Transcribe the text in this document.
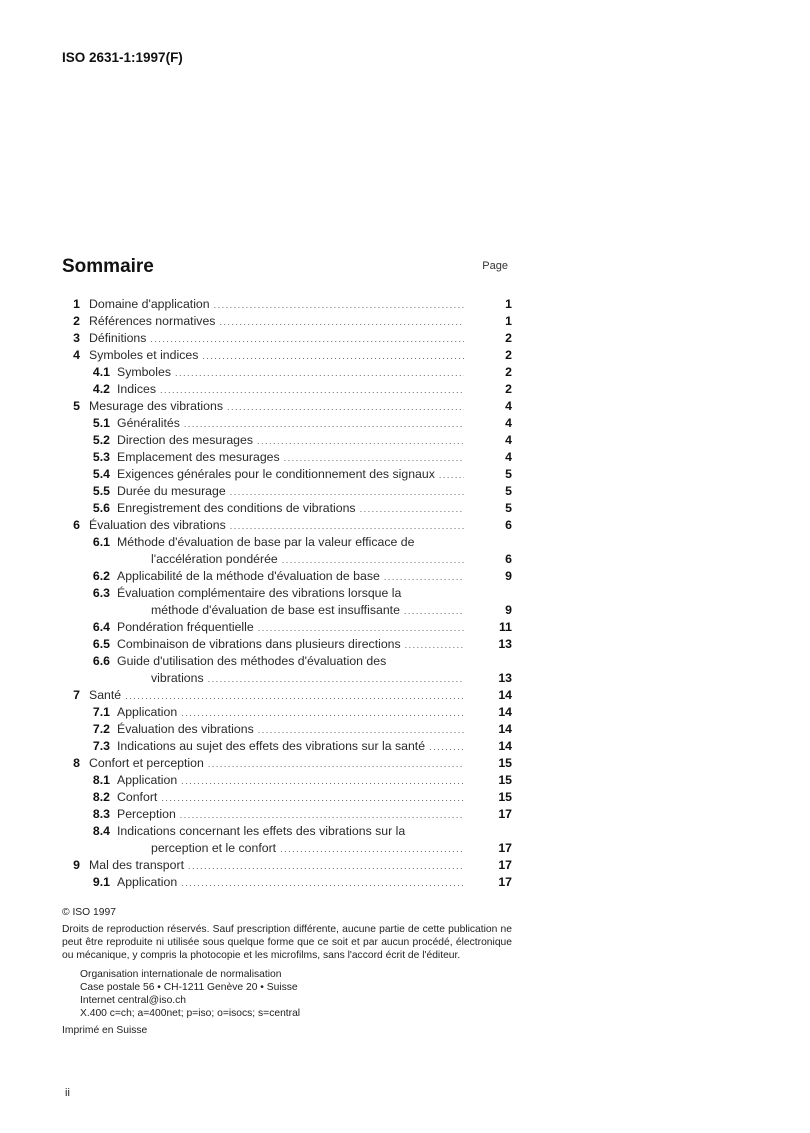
ISO 2631-1:1997(F)
Sommaire	Page
1 Domaine d'application .....	1
2 Références normatives .....	1
3 Définitions .....	2
4 Symboles et indices .....	2
4.1 Symboles .....	2
4.2 Indices .....	2
5 Mesurage des vibrations .....	4
5.1 Généralités .....	4
5.2 Direction des mesurages .....	4
5.3 Emplacement des mesurages .....	4
5.4 Exigences générales pour le conditionnement des signaux .....	5
5.5 Durée du mesurage .....	5
5.6 Enregistrement des conditions de vibrations .....	5
6 Évaluation des vibrations .....	6
6.1 Méthode d'évaluation de base par la valeur efficace de
l'accélération pondérée .....	6
6.2 Applicabilité de la méthode d'évaluation de base .....	9
6.3 Évaluation complémentaire des vibrations lorsque la
méthode d'évaluation de base est insuffisante .....	9
6.4 Pondération fréquentielle .....	11
6.5 Combinaison de vibrations dans plusieurs directions .....	13
6.6 Guide d'utilisation des méthodes d'évaluation des
vibrations .....	13
7 Santé .....	14
7.1 Application .....	14
7.2 Évaluation des vibrations .....	14
7.3 Indications au sujet des effets des vibrations sur la santé .....	14
8 Confort et perception .....	15
8.1 Application .....	15
8.2 Confort .....	15
8.3 Perception .....	17
8.4 Indications concernant les effets des vibrations sur la
perception et le confort .....	17
9 Mal des transport .....	17
9.1 Application .....	17

© ISO 1997

Droits de reproduction réservés. Sauf prescription différente, aucune partie de cette publication ne peut être reproduite ni utilisée sous quelque forme que ce soit et par aucun procédé, électronique ou mécanique, y compris la photocopie et les microfilms, sans l'accord écrit de l'éditeur.

Organisation internationale de normalisation

Case postale 56 • CH-1211 Genève 20 • Suisse

Internet central@iso.ch

X.400 c=ch; a=400net; p=iso; o=isocs; s=central

Imprimé en Suisse

ii
